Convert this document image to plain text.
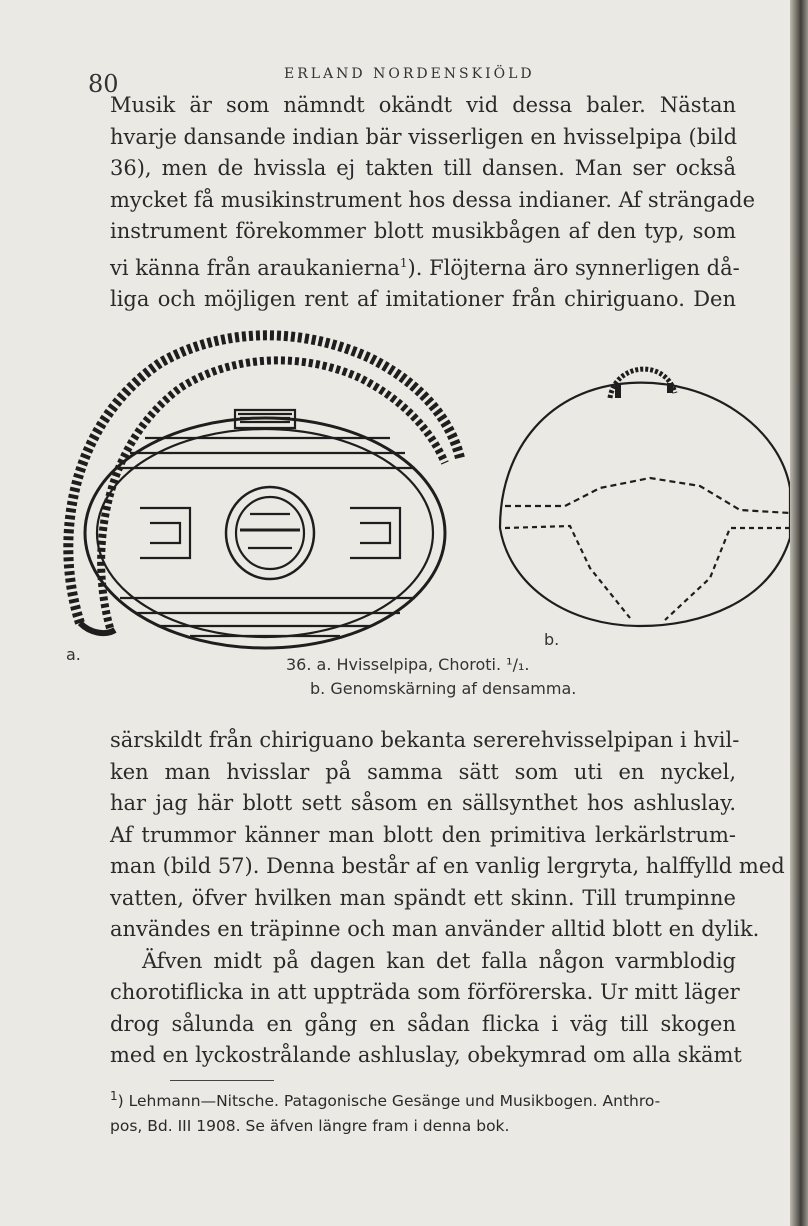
80	ERLAND NORDENSKIÖLD

Musik är som nämndt okändt vid dessa baler. Nästan
hvarje dansande indian bär visserligen en hvisselpipa (bild
36), men de hvissla ej takten till dansen. Man ser också
mycket få musikinstrument hos dessa indianer. Af strängade
instrument förekommer blott musikbågen af den typ, som
vi känna från araukanierna$^1$). Flöjterna äro synnerligen då-
liga och möjligen rent af imitationer från chiriguano. Den

a.
b.
36. a. Hvisselpipa, Choroti. ¹/₁.
b. Genomskärning af densamma.

särskildt från chiriguano bekanta sererehvisselpipan i hvil-
ken man hvisslar på samma sätt som uti en nyckel,
har jag här blott sett såsom en sällsynthet hos ashluslay.
Af trummor känner man blott den primitiva lerkärlstrum-
man (bild 57). Denna består af en vanlig lergryta, halffylld med
vatten, öfver hvilken man spändt ett skinn. Till trumpinne
användes en träpinne och man använder alltid blott en dylik.
Äfven midt på dagen kan det falla någon varmblodig
chorotiflicka in att uppträda som förförerska. Ur mitt läger
drog sålunda en gång en sådan flicka i väg till skogen
med en lyckostrålande ashluslay, obekymrad om alla skämt

$^1$) Lehmann—Nitsche. Patagonische Gesänge und Musikbogen. Anthro-
pos, Bd. III 1908. Se äfven längre fram i denna bok.
